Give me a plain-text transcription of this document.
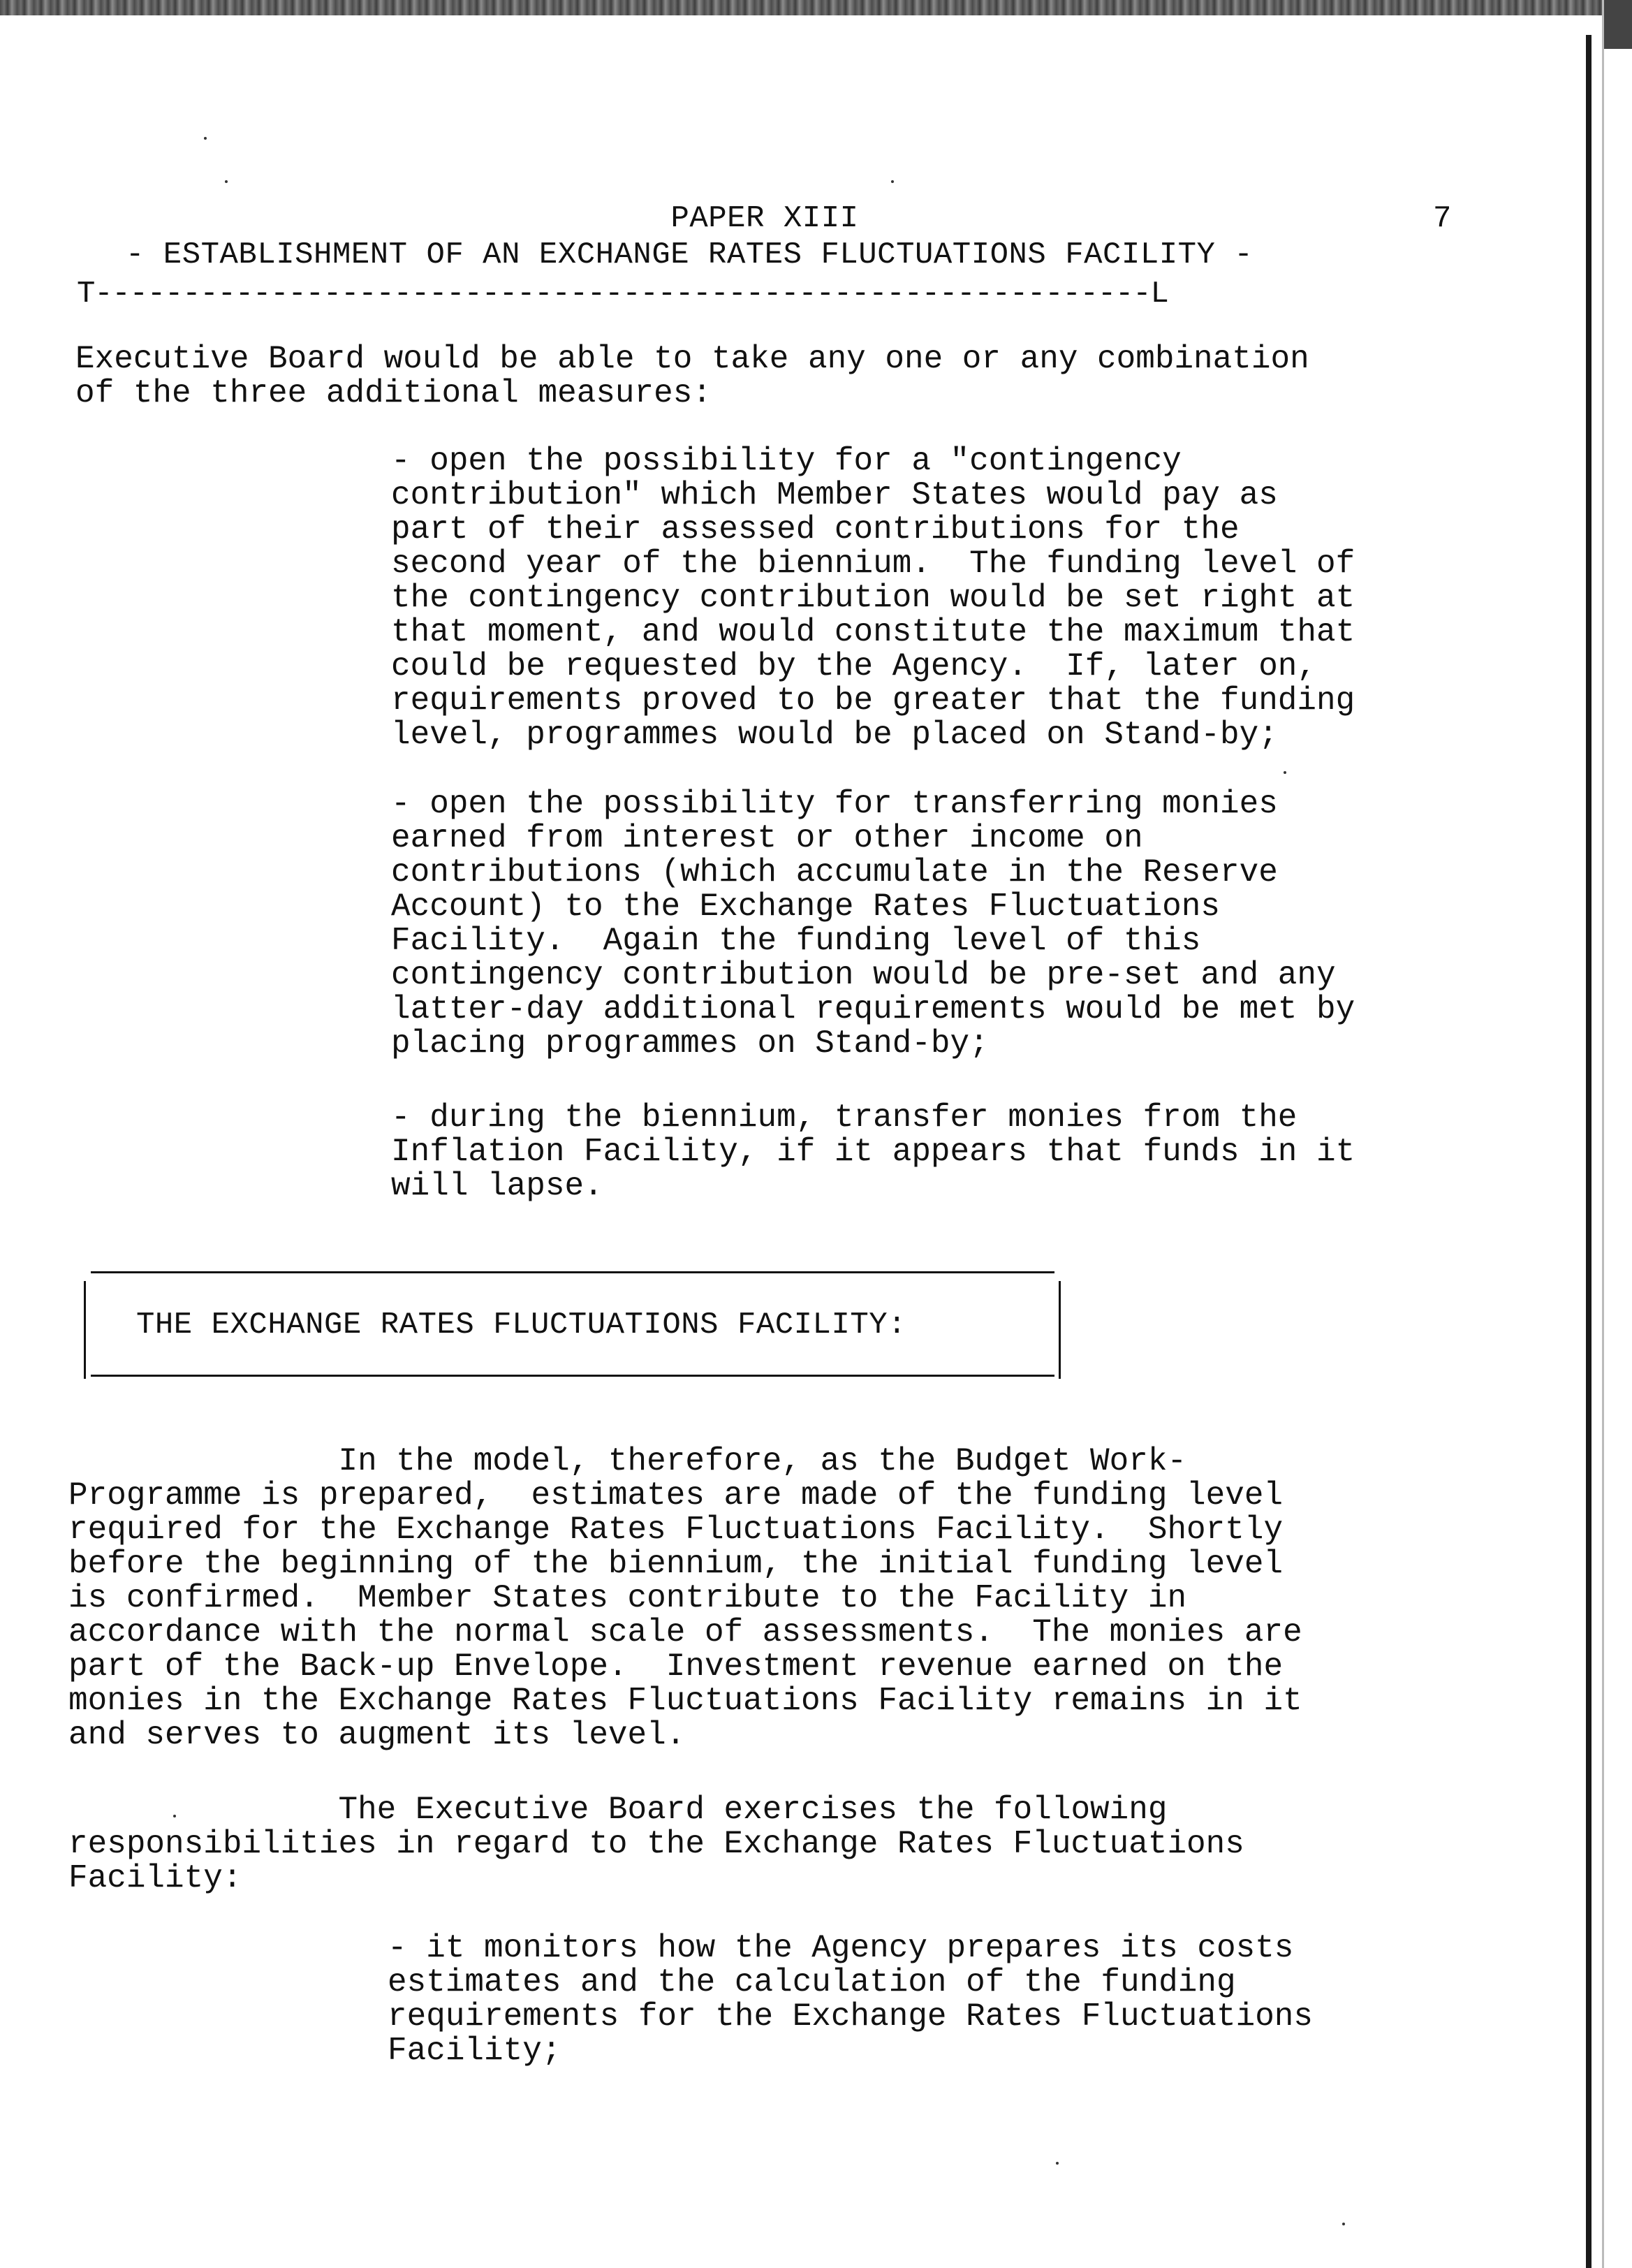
PAPER XIII	7
- ESTABLISHMENT OF AN EXCHANGE RATES FLUCTUATIONS FACILITY -
T------------------------------------------------------------L

Executive Board would be able to take any one or any combination
of the three additional measures:

- open the possibility for a "contingency
contribution" which Member States would pay as
part of their assessed contributions for the
second year of the biennium.  The funding level of
the contingency contribution would be set right at
that moment, and would constitute the maximum that
could be requested by the Agency.  If, later on,
requirements proved to be greater that the funding
level, programmes would be placed on Stand-by;

- open the possibility for transferring monies
earned from interest or other income on
contributions (which accumulate in the Reserve
Account) to the Exchange Rates Fluctuations
Facility.  Again the funding level of this
contingency contribution would be pre-set and any
latter-day additional requirements would be met by
placing programmes on Stand-by;

- during the biennium, transfer monies from the
Inflation Facility, if it appears that funds in it
will lapse.

THE EXCHANGE RATES FLUCTUATIONS FACILITY:

In the model, therefore, as the Budget Work-
Programme is prepared,  estimates are made of the funding level
required for the Exchange Rates Fluctuations Facility.  Shortly
before the beginning of the biennium, the initial funding level
is confirmed.  Member States contribute to the Facility in
accordance with the normal scale of assessments.  The monies are
part of the Back-up Envelope.  Investment revenue earned on the
monies in the Exchange Rates Fluctuations Facility remains in it
and serves to augment its level.

The Executive Board exercises the following
responsibilities in regard to the Exchange Rates Fluctuations
Facility:

- it monitors how the Agency prepares its costs
estimates and the calculation of the funding
requirements for the Exchange Rates Fluctuations
Facility;
